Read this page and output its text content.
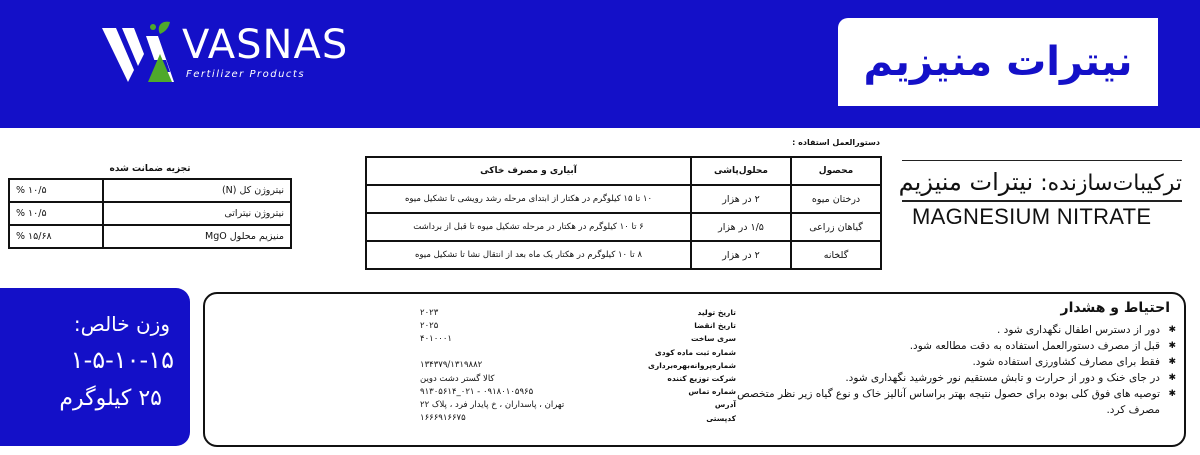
VASNAS
Fertilizer Products	نیترات منیزیم
ترکیبات‌سازنده: نیترات منیزیم
MAGNESIUM NITRATE
دستورالعمل استفاده :
محصول	محلول‌پاشی	آبیاری و مصرف خاکی
درختان میوه	۲ در هزار	۱۰ تا ۱۵ کیلوگرم در هکتار از ابتدای مرحله رشد رویشی تا تشکیل میوه
گیاهان زراعی	۱/۵ در هزار	۶ تا ۱۰ کیلوگرم در هکتار در مرحله تشکیل میوه تا قبل از برداشت
گلخانه	۲ در هزار	۸ تا ۱۰ کیلوگرم در هکتار یک ماه بعد از انتقال نشا تا تشکیل میوه
تجزیه ضمانت شده
% ۱۰/۵	نیتروژن کل (N)
% ۱۰/۵	نیتروژن نیتراتی
% ۱۵/۶۸	منیزیم محلول MgO
وزن خالص:
۱-۵-۱۰-۱۵
۲۵ کیلوگرم
احتیاط و هشدار
✱ دور از دسترس اطفال نگهداری شود .
✱ قبل از مصرف دستورالعمل استفاده به دقت مطالعه شود.
✱ فقط برای مصارف کشاورزی استفاده شود.
✱ در جای خنک و دور از حرارت و تابش مستقیم نور خورشید نگهداری شود.
✱ توصیه های فوق کلی بوده برای حصول نتیجه بهتر براساس آنالیز خاک و نوع گیاه زیر نظر متخصص مصرف کرد.
تاریخ تولید
۲۰۲۳
تاریخ انقضا
۲۰۲۵
سری ساخت
۴۰۱۰۰۰۱
شماره ثبت ماده کودی
شماره‌پروانه‌بهره‌برداری
۱۳۴۳۷۹/۱۳۱۹۸۸۲
شرکت توزیع کننده
کالا گستر دشت دوین
شماره تماس
۰۹۱۸۰۱۰۵۹۶۵ - ۰۲۱_۹۱۳۰۵۶۱۴
آدرس
تهران ، پاسداران ، خ پایدار فرد ، پلاک ۲۲
کدپستی
۱۶۶۶۹۱۶۶۷۵
